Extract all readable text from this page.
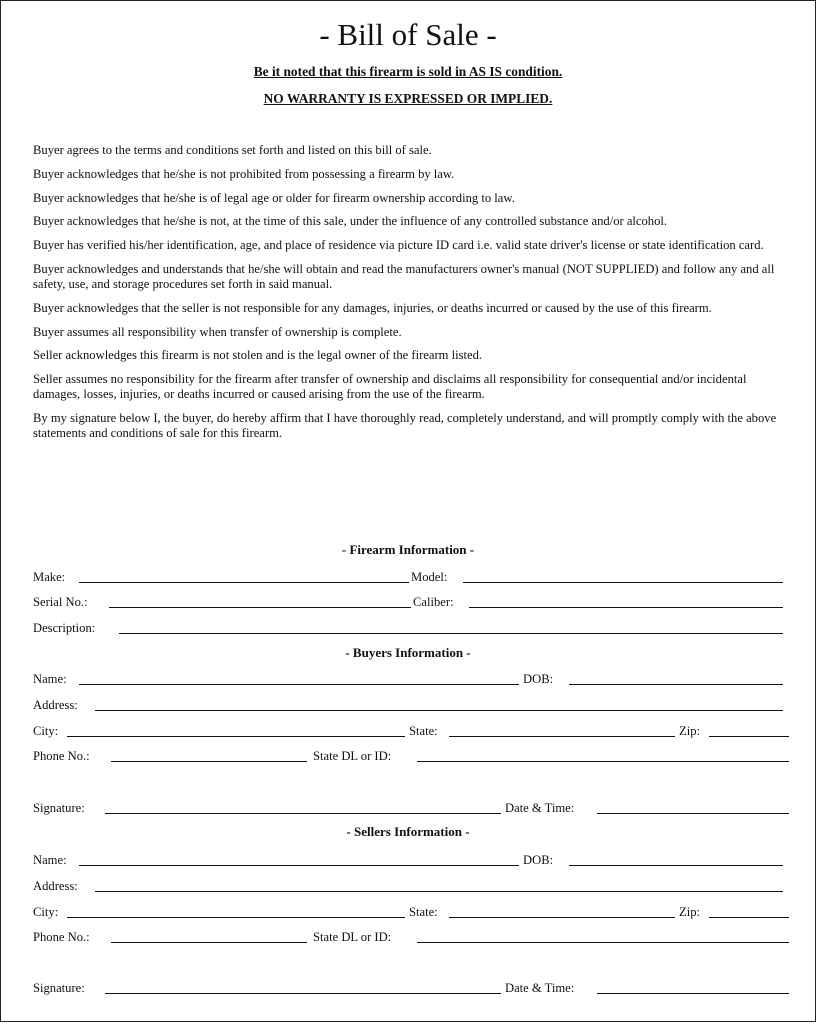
- Bill of Sale -
Be it noted that this firearm is sold in AS IS condition.
NO WARRANTY IS EXPRESSED OR IMPLIED.

Buyer agrees to the terms and conditions set forth and listed on this bill of sale.

Buyer acknowledges that he/she is not prohibited from possessing a firearm by law.

Buyer acknowledges that he/she is of legal age or older for firearm ownership according to law.

Buyer acknowledges that he/she is not, at the time of this sale, under the influence of any controlled substance and/or alcohol.

Buyer has verified his/her identification, age, and place of residence via picture ID card i.e. valid state driver's license or state identification card.

Buyer acknowledges and understands that he/she will obtain and read the manufacturers owner's manual (NOT SUPPLIED) and follow any and all safety, use, and storage procedures set forth in said manual.

Buyer acknowledges that the seller is not responsible for any damages, injuries, or deaths incurred or caused by the use of this firearm.

Buyer assumes all responsibility when transfer of ownership is complete.

Seller acknowledges this firearm is not stolen and is the legal owner of the firearm listed.

Seller assumes no responsibility for the firearm after transfer of ownership and disclaims all responsibility for consequential and/or incidental damages, losses, injuries, or deaths incurred or caused arising from the use of the firearm.

By my signature below I, the buyer, do hereby affirm that I have thoroughly read, completely understand, and will promptly comply with the above statements and conditions of sale for this firearm.

- Firearm Information -
Make:	Model:
Serial No.:	Caliber:
Description:
- Buyers Information -
Name:	DOB:
Address:
City:	State:	Zip:
Phone No.:	State DL or ID:
Signature:	Date & Time:
- Sellers Information -
Name:	DOB:
Address:
City:	State:	Zip:
Phone No.:	State DL or ID:
Signature:	Date & Time:
